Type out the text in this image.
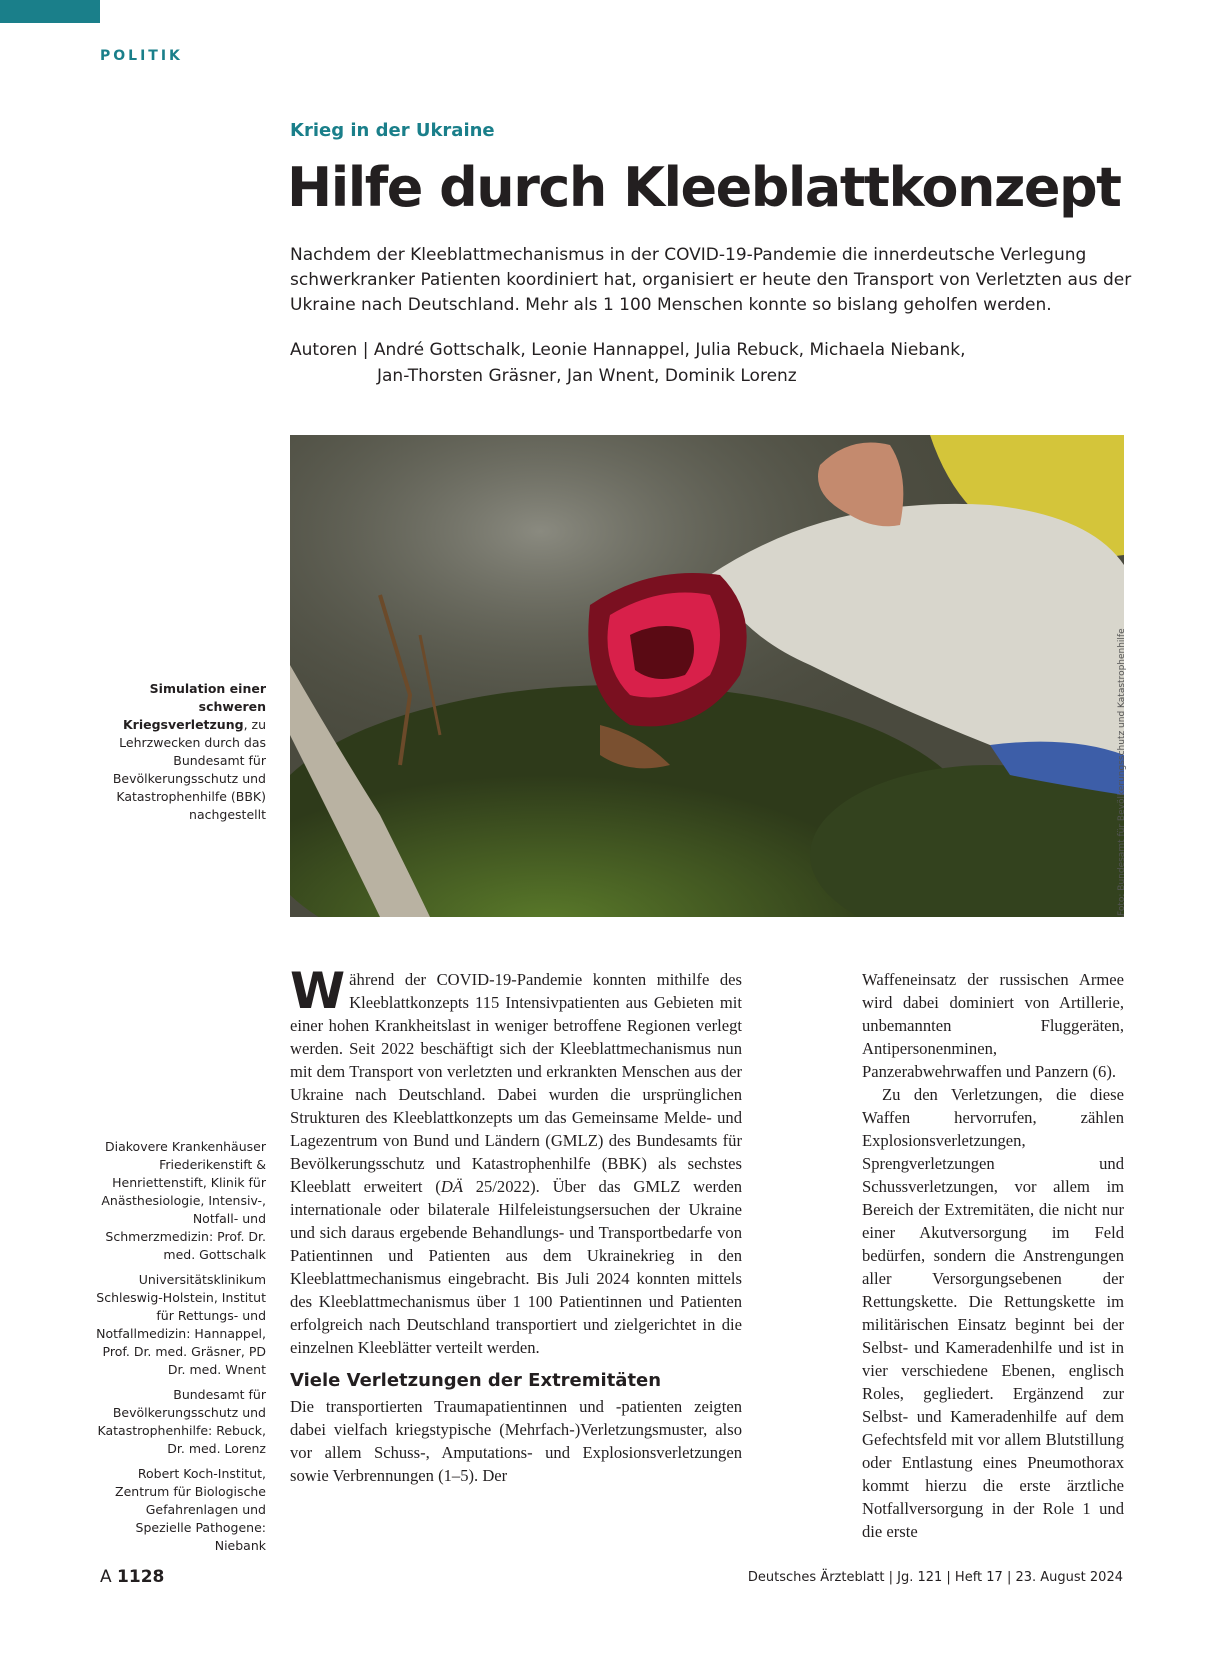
POLITIK
Krieg in der Ukraine
Hilfe durch Kleeblattkonzept

Nachdem der Kleeblattmechanismus in der COVID-19-Pandemie die innerdeutsche Verlegung schwerkranker Patienten koordiniert hat, organisiert er heute den Transport von Verletzten aus der Ukraine nach Deutschland. Mehr als 1 100 Menschen konnte so bislang geholfen werden.

Autoren | André Gottschalk, Leonie Hannappel, Julia Rebuck, Michaela Niebank,
Jan-Thorsten Gräsner, Jan Wnent, Dominik Lorenz
Simulation einer schweren Kriegsverletzung, zu Lehrzwecken durch das Bundesamt für Bevölkerungsschutz und Katastrophenhilfe (BBK) nachgestellt	Foto: Bundesamt für Bevölkerungsschutz und Katastrophenhilfe

Diakovere Krankenhäuser Friederikenstift & Henriettenstift, Klinik für Anästhesiologie, Intensiv-, Notfall- und Schmerzmedizin: Prof. Dr. med. Gottschalk

Universitätsklinikum Schleswig-Holstein, Institut für Rettungs- und Notfallmedizin: Hannappel, Prof. Dr. med. Gräsner, PD Dr. med. Wnent

Bundesamt für Bevölkerungsschutz und Katastrophenhilfe: Rebuck, Dr. med. Lorenz

Robert Koch-Institut, Zentrum für Biologische Gefahrenlagen und Spezielle Pathogene: Niebank

Während der COVID-19-Pandemie konnten mithilfe des Kleeblattkonzepts 115 Intensivpatienten aus Gebieten mit einer hohen Krankheitslast in weniger betroffene Regionen verlegt werden. Seit 2022 beschäftigt sich der Kleeblattmechanismus nun mit dem Transport von verletzten und erkrankten Menschen aus der Ukraine nach Deutschland. Dabei wurden die ursprünglichen Strukturen des Kleeblattkonzepts um das Gemeinsame Melde- und Lagezentrum von Bund und Ländern (GMLZ) des Bundesamts für Bevölkerungsschutz und Katastrophenhilfe (BBK) als sechstes Kleeblatt erweitert (DÄ 25/2022). Über das GMLZ werden internationale oder bilaterale Hilfeleistungsersuchen der Ukraine und sich daraus ergebende Behandlungs- und Transportbedarfe von Patientinnen und Patienten aus dem Ukrainekrieg in den Kleeblattmechanismus eingebracht. Bis Juli 2024 konnten mittels des Kleeblattmechanismus über 1 100 Patientinnen und Patienten erfolgreich nach Deutschland transportiert und zielgerichtet in die einzelnen Kleeblätter verteilt werden.

Viele Verletzungen der Extremitäten

Die transportierten Traumapatientinnen und -patienten zeigten dabei vielfach kriegstypische (Mehrfach-)Verletzungsmuster, also vor allem Schuss-, Amputations- und Explosionsverletzungen sowie Verbrennungen (1–5). Der

Waffeneinsatz der russischen Armee wird dabei dominiert von Artillerie, unbemannten Fluggeräten, Antipersonenminen, Panzerabwehrwaffen und Panzern (6).

Zu den Verletzungen, die diese Waffen hervorrufen, zählen Explosionsverletzungen, Sprengverletzungen und Schussverletzungen, vor allem im Bereich der Extremitäten, die nicht nur einer Akutversorgung im Feld bedürfen, sondern die Anstrengungen aller Versorgungsebenen der Rettungskette. Die Rettungskette im militärischen Einsatz beginnt bei der Selbst- und Kameradenhilfe und ist in vier verschiedene Ebenen, englisch Roles, gegliedert. Ergänzend zur Selbst- und Kameradenhilfe auf dem Gefechtsfeld mit vor allem Blutstillung oder Entlastung eines Pneumothorax kommt hierzu die erste ärztliche Notfallversorgung in der Role 1 und die erste

A 1128	Deutsches Ärzteblatt | Jg. 121 | Heft 17 | 23. August 2024
